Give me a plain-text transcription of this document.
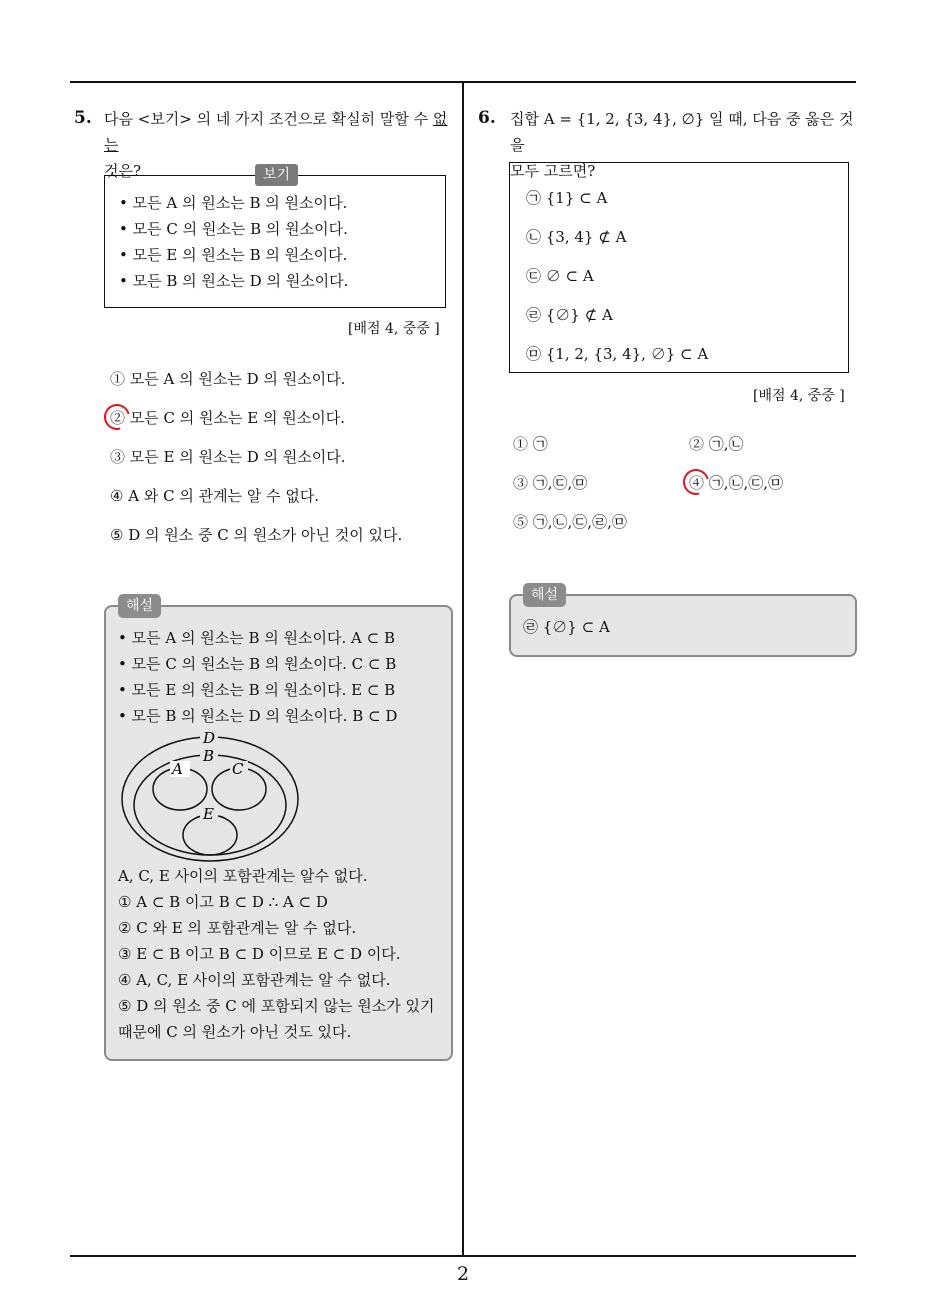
2
5. 다음 <보기> 의 네 가지 조건으로 확실히 말할 수 없는
것은?
• 모든 A 의 원소는 B 의 원소이다.
• 모든 C 의 원소는 B 의 원소이다.
• 모든 E 의 원소는 B 의 원소이다.
• 모든 B 의 원소는 D 의 원소이다.
보기
[배점 4, 중중 ]
① 모든 A 의 원소는 D 의 원소이다.
② 모든 C 의 원소는 E 의 원소이다.
③ 모든 E 의 원소는 D 의 원소이다.
④ A 와 C 의 관계는 알 수 없다.
⑤ D 의 원소 중 C 의 원소가 아닌 것이 있다.
• 모든 A 의 원소는 B 의 원소이다. A ⊂ B
• 모든 C 의 원소는 B 의 원소이다. C ⊂ B
• 모든 E 의 원소는 B 의 원소이다. E ⊂ B
• 모든 B 의 원소는 D 의 원소이다. B ⊂ D
D
B
A	C
E
A, C, E 사이의 포함관계는 알수 없다.
① A ⊂ B 이고 B ⊂ D ∴ A ⊂ D
② C 와 E 의 포함관계는 알 수 없다.
③ E ⊂ B 이고 B ⊂ D 이므로 E ⊂ D 이다.
④ A, C, E 사이의 포함관계는 알 수 없다.
⑤ D 의 원소 중 C 에 포함되지 않는 원소가 있기
때문에 C 의 원소가 아닌 것도 있다.
해설
6. 집합 A = {1, 2, {3, 4}, ∅} 일 때, 다음 중 옳은 것을
모두 고르면?
㉠ {1} ⊂ A
㉡ {3, 4} ⊄ A
㉢ ∅ ⊂ A
㉣ {∅} ⊄ A
㉤ {1, 2, {3, 4}, ∅} ⊂ A
[배점 4, 중중 ]
① ㉠	② ㉠,㉡
③ ㉠,㉢,㉤	④ ㉠,㉡,㉢,㉤
⑤ ㉠,㉡,㉢,㉣,㉤
㉣ {∅} ⊂ A
해설
